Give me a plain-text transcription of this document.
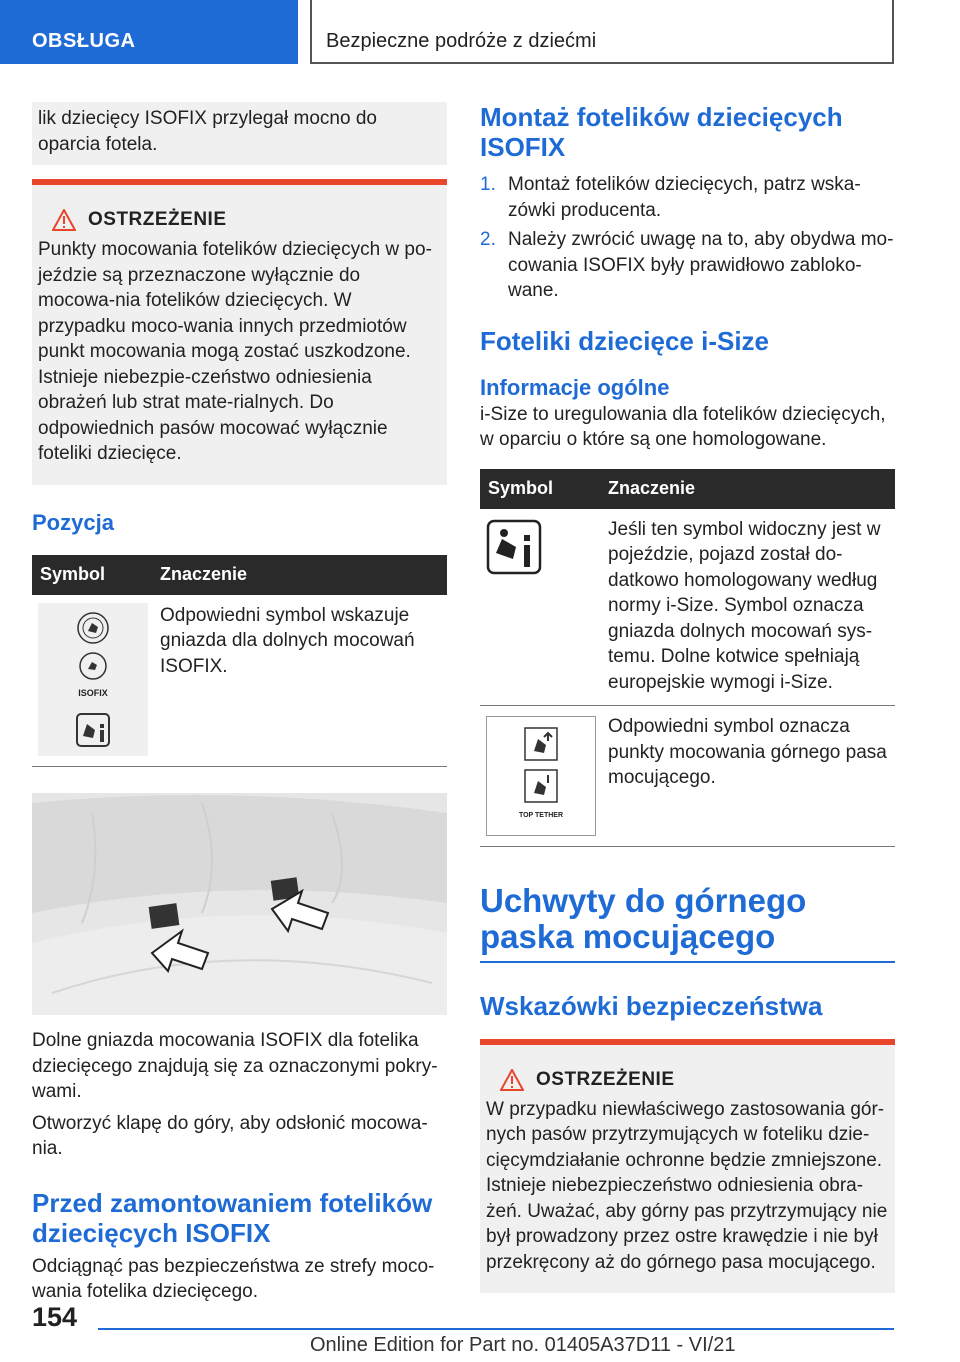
OBSŁUGA	Bezpieczne podróże z dziećmi

lik dziecięcy ISOFIX przylegał mocno do oparcia fotela.

OSTRZEŻENIE

Punkty mocowania fotelików dziecięcych w po-jeździe są przeznaczone wyłącznie do mocowa-nia fotelików dziecięcych. W przypadku moco-wania innych przedmiotów punkt mocowania mogą zostać uszkodzone. Istnieje niebezpie-czeństwo odniesienia obrażeń lub strat mate-rialnych. Do odpowiednich pasów mocować wyłącznie foteliki dziecięce.

Pozycja

Symbol	Znaczenie

ISOFIX	Odpowiedni symbol wskazuje gniazda dla dolnych mocowań ISOFIX.

Dolne gniazda mocowania ISOFIX dla fotelika dziecięcego znajdują się za oznaczonymi pokry-wami.

Otworzyć klapę do góry, aby odsłonić mocowa-nia.

Przed zamontowaniem fotelików dziecięcych ISOFIX

Odciągnąć pas bezpieczeństwa ze strefy moco-wania fotelika dziecięcego.

Montaż fotelików dziecięcych ISOFIX

1. Montaż fotelików dziecięcych, patrz wska-zówki producenta.
2. Należy zwrócić uwagę na to, aby obydwa mo-cowania ISOFIX były prawidłowo zabloko-wane.

Foteliki dziecięce i-Size

Informacje ogólne

i-Size to uregulowania dla fotelików dziecięcych, w oparciu o które są one homologowane.

Symbol	Znaczenie
	Jeśli ten symbol widoczny jest w pojeździe, pojazd został do-datkowo homologowany według normy i-Size. Symbol oznacza gniazda dolnych mocowań sys-temu. Dolne kotwice spełniają europejskie wymogi i-Size.

TOP TETHER	Odpowiedni symbol oznacza punkty mocowania górnego pasa mocującego.

Uchwyty do górnego paska mocującego

Wskazówki bezpieczeństwa

OSTRZEŻENIE

W przypadku niewłaściwego zastosowania gór-nych pasów przytrzymujących w foteliku dzie-cięcymdziałanie ochronne będzie zmniejszone. Istnieje niebezpieczeństwo odniesienia obra-żeń. Uważać, aby górny pas przytrzymujący nie był prowadzony przez ostre krawędzie i nie był przekręcony aż do górnego pasa mocującego.

154
Online Edition for Part no. 01405A37D11 - VI/21
